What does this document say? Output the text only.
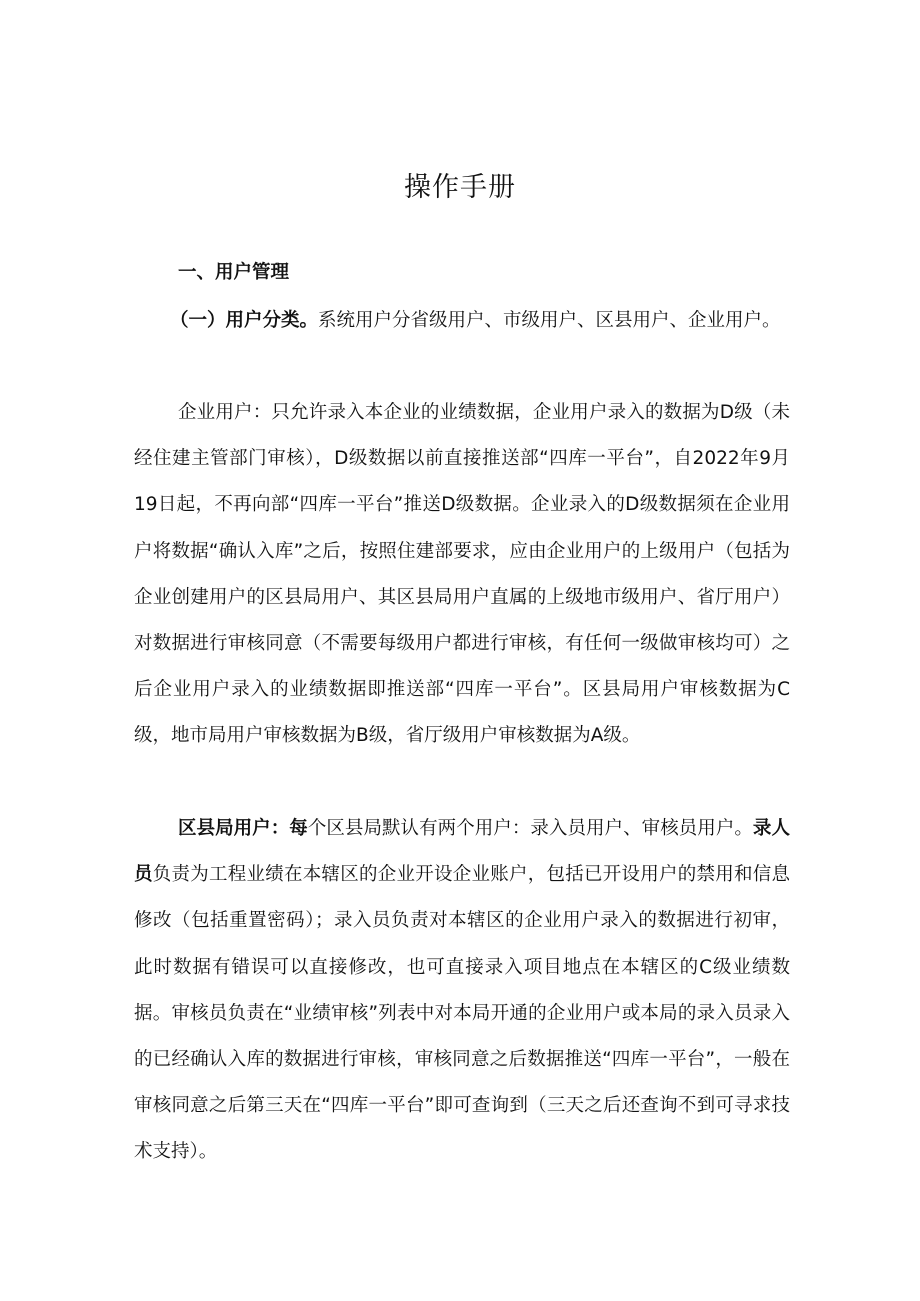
操作手册
一、用户管理
（一）用户分类。系统用户分省级用户、市级用户、区县用户、企业用户。
企业用户：只允许录入本企业的业绩数据，企业用户录入的数据为D级（未经住建主管部门审核），D级数据以前直接推送部“四库一平台”，自2022年9月19日起，不再向部“四库一平台”推送D级数据。企业录入的D级数据须在企业用户将数据“确认入库”之后，按照住建部要求，应由企业用户的上级用户（包括为企业创建用户的区县局用户、其区县局用户直属的上级地市级用户、省厅用户）对数据进行审核同意（不需要每级用户都进行审核，有任何一级做审核均可）之后企业用户录入的业绩数据即推送部“四库一平台”。区县局用户审核数据为C级，地市局用户审核数据为B级，省厅级用户审核数据为A级。
区县局用户：每个区县局默认有两个用户：录入员用户、审核员用户。录人员负责为工程业绩在本辖区的企业开设企业账户，包括已开设用户的禁用和信息修改（包括重置密码）；录入员负责对本辖区的企业用户录入的数据进行初审，此时数据有错误可以直接修改，也可直接录入项目地点在本辖区的C级业绩数据。审核员负责在“业绩审核”列表中对本局开通的企业用户或本局的录入员录入的已经确认入库的数据进行审核，审核同意之后数据推送“四库一平台”，一般在审核同意之后第三天在“四库一平台”即可查询到（三天之后还查询不到可寻求技术支持）。
